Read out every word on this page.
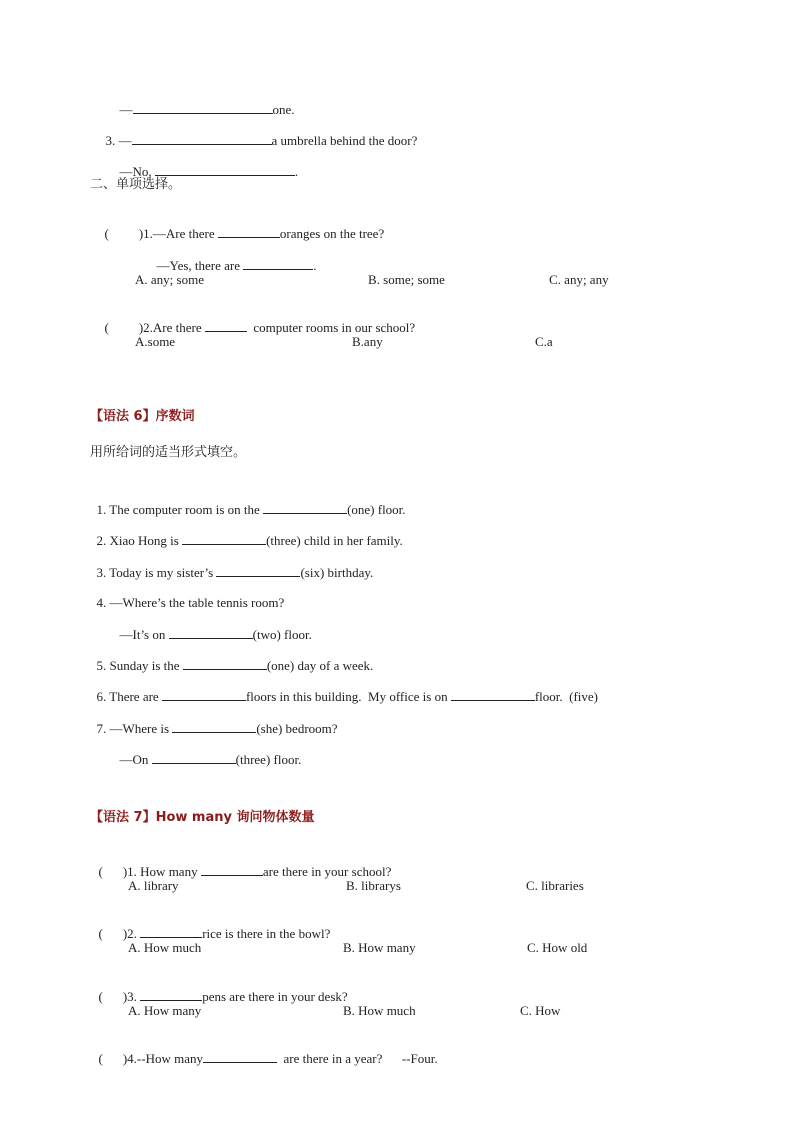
—	one.

3. —	a umbrella behind the door?

—No,	.

二、单项选择。

( )1.—Are there	oranges on the tree?

—Yes, there are	.

A. any; some	B. some; some	C. any; any

( )2.Are there	computer rooms in our school?

A.some	B.any	C.a
【语法 6】序数词
用所给词的适当形式填空。

1. The computer room is on the	(one) floor.

2. Xiao Hong is	(three) child in her family.

3. Today is my sister’s	(six) birthday.

4. —Where’s the table tennis room?

—It’s on	(two) floor.

5. Sunday is the	(one) day of a week.

6. There are	floors in this building.  My office is on	floor.  (five)

7. —Where is	(she) bedroom?

—On	(three) floor.

【语法 7】How many 询问物体数量

( )1. How many	are there in your school?

A. library	B. librarys	C. libraries

( )2.	rice is there in the bowl?

A. How much	B. How many	C. How old

( )3.	pens are there in your desk?

A. How many	B. How much	C. How

( )4.--How many	are there in a year?      --Four.
